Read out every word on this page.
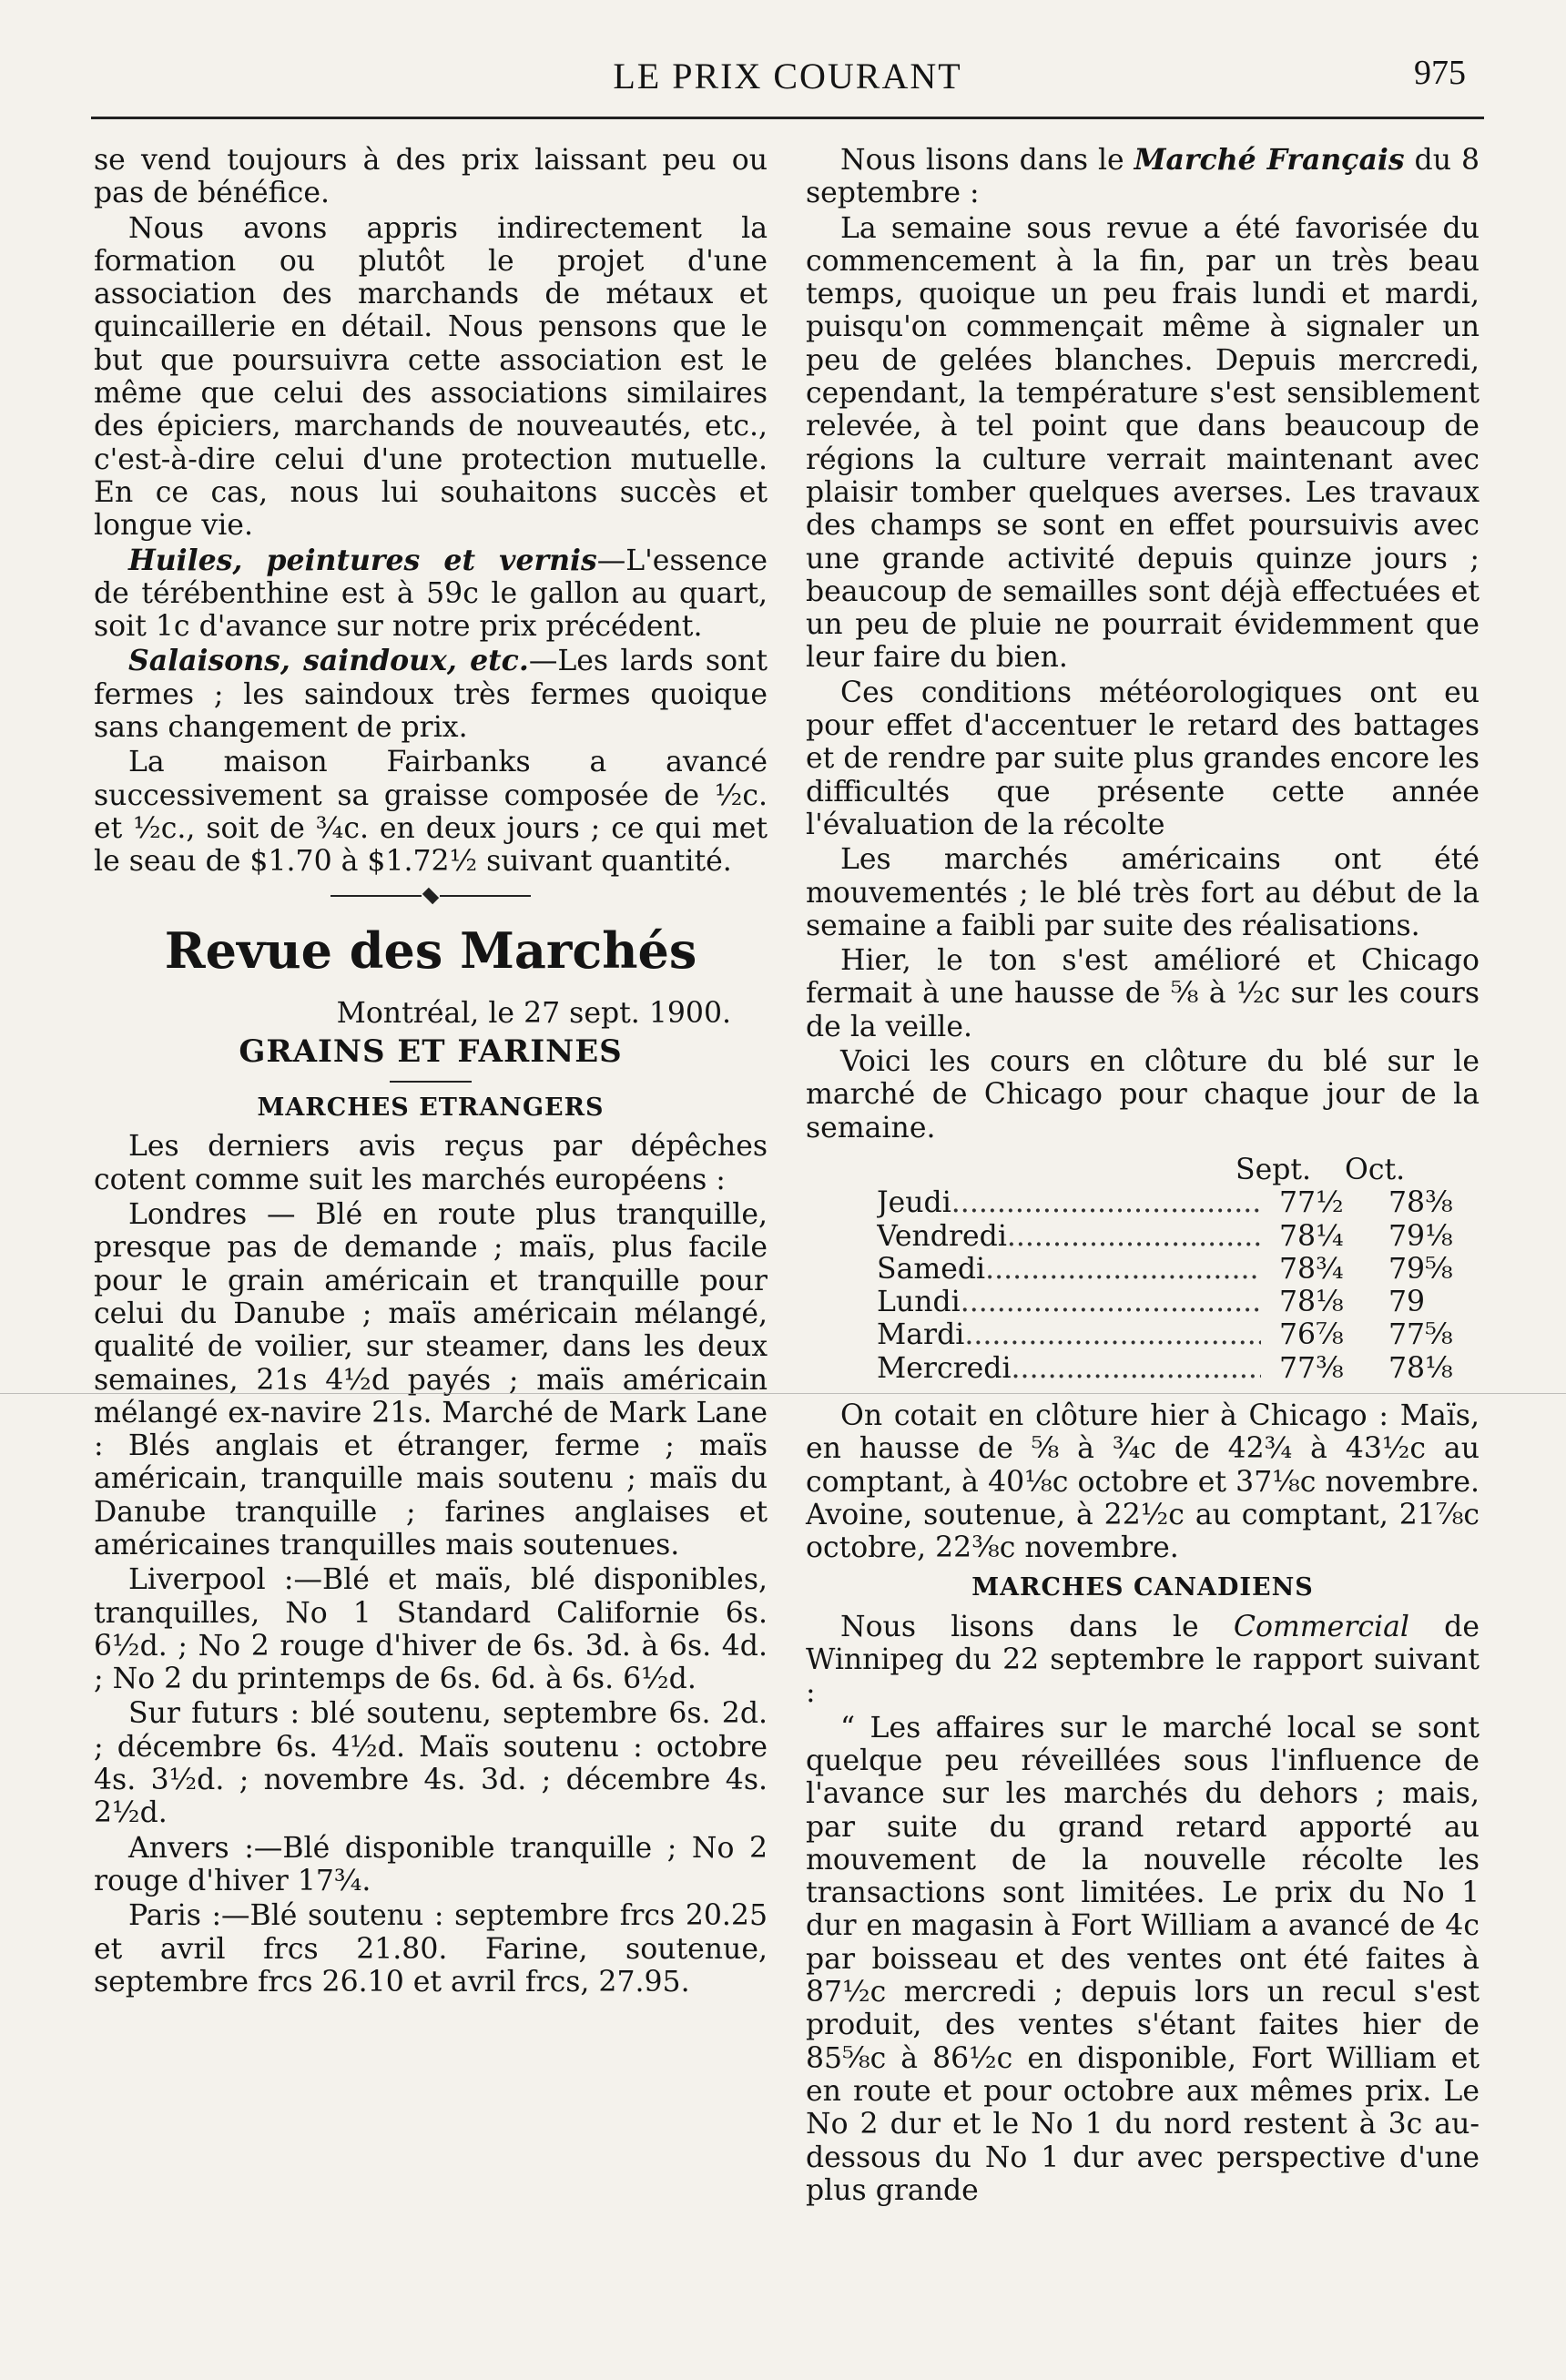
LE PRIX COURANT	975

se vend toujours à des prix laissant peu ou pas de bénéfice.

Nous avons appris indirectement la formation ou plutôt le projet d'une association des marchands de métaux et quincaillerie en détail. Nous pensons que le but que poursuivra cette association est le même que celui des associations similaires des épiciers, marchands de nouveautés, etc., c'est-à-dire celui d'une protection mutuelle. En ce cas, nous lui souhaitons succès et longue vie.

Huiles, peintures et vernis—L'essence de térébenthine est à 59c le gallon au quart, soit 1c d'avance sur notre prix précédent.

Salaisons, saindoux, etc.—Les lards sont fermes ; les saindoux très fermes quoique sans changement de prix.

La maison Fairbanks a avancé successivement sa graisse composée de ½c. et ½c., soit de ¾c. en deux jours ; ce qui met le seau de $1.70 à $1.72½ suivant quantité.

Revue des Marchés
Montréal, le 27 sept. 1900.
GRAINS ET FARINES
MARCHES ETRANGERS

Les derniers avis reçus par dépêches cotent comme suit les marchés européens :

Londres — Blé en route plus tranquille, presque pas de demande ; maïs, plus facile pour le grain américain et tranquille pour celui du Danube ; maïs américain mélangé, qualité de voilier, sur steamer, dans les deux semaines, 21s 4½d payés ; maïs américain mélangé ex-navire 21s. Marché de Mark Lane : Blés anglais et étranger, ferme ; maïs américain, tranquille mais soutenu ; maïs du Danube tranquille ; farines anglaises et américaines tranquilles mais soutenues.

Liverpool :—Blé et maïs, blé disponibles, tranquilles, No 1 Standard Californie 6s. 6½d. ; No 2 rouge d'hiver de 6s. 3d. à 6s. 4d. ; No 2 du printemps de 6s. 6d. à 6s. 6½d.

Sur futurs : blé soutenu, septembre 6s. 2d. ; décembre 6s. 4½d. Maïs soutenu : octobre 4s. 3½d. ; novembre 4s. 3d. ; décembre 4s. 2½d.

Anvers :—Blé disponible tranquille ; No 2 rouge d'hiver 17¾.

Paris :—Blé soutenu : septembre frcs 20.25 et avril frcs 21.80. Farine, soutenue, septembre frcs 26.10 et avril frcs, 27.95.

Nous lisons dans le Marché Français du 8 septembre :

La semaine sous revue a été favorisée du commencement à la fin, par un très beau temps, quoique un peu frais lundi et mardi, puisqu'on commençait même à signaler un peu de gelées blanches. Depuis mercredi, cependant, la température s'est sensiblement relevée, à tel point que dans beaucoup de régions la culture verrait maintenant avec plaisir tomber quelques averses. Les travaux des champs se sont en effet poursuivis avec une grande activité depuis quinze jours ; beaucoup de semailles sont déjà effectuées et un peu de pluie ne pourrait évidemment que leur faire du bien.

Ces conditions météorologiques ont eu pour effet d'accentuer le retard des battages et de rendre par suite plus grandes encore les difficultés que présente cette année l'évaluation de la récolte

Les marchés américains ont été mouvementés ; le blé très fort au début de la semaine a faibli par suite des réalisations.

Hier, le ton s'est amélioré et Chicago fermait à une hausse de ⅝ à ½c sur les cours de la veille.

Voici les cours en clôture du blé sur le marché de Chicago pour chaque jour de la semaine.

Sept.	Oct.
Jeudi .....	77½	78⅜
Vendredi .....	78¼	79⅛
Samedi .....	78¾	79⅝
Lundi .....	78⅛	79
Mardi .....	76⅞	77⅝
Mercredi .....	77⅜	78⅛

On cotait en clôture hier à Chicago : Maïs, en hausse de ⅝ à ¾c de 42¾ à 43½c au comptant, à 40⅛c octobre et 37⅛c novembre. Avoine, soutenue, à 22½c au comptant, 21⅞c octobre, 22⅜c novembre.

MARCHES CANADIENS

Nous lisons dans le Commercial de Winnipeg du 22 septembre le rapport suivant :

“ Les affaires sur le marché local se sont quelque peu réveillées sous l'influence de l'avance sur les marchés du dehors ; mais, par suite du grand retard apporté au mouvement de la nouvelle récolte les transactions sont limitées. Le prix du No 1 dur en magasin à Fort William a avancé de 4c par boisseau et des ventes ont été faites à 87½c mercredi ; depuis lors un recul s'est produit, des ventes s'étant faites hier de 85⅝c à 86½c en disponible, Fort William et en route et pour octobre aux mêmes prix. Le No 2 dur et le No 1 du nord restent à 3c au-dessous du No 1 dur avec perspective d'une plus grande
